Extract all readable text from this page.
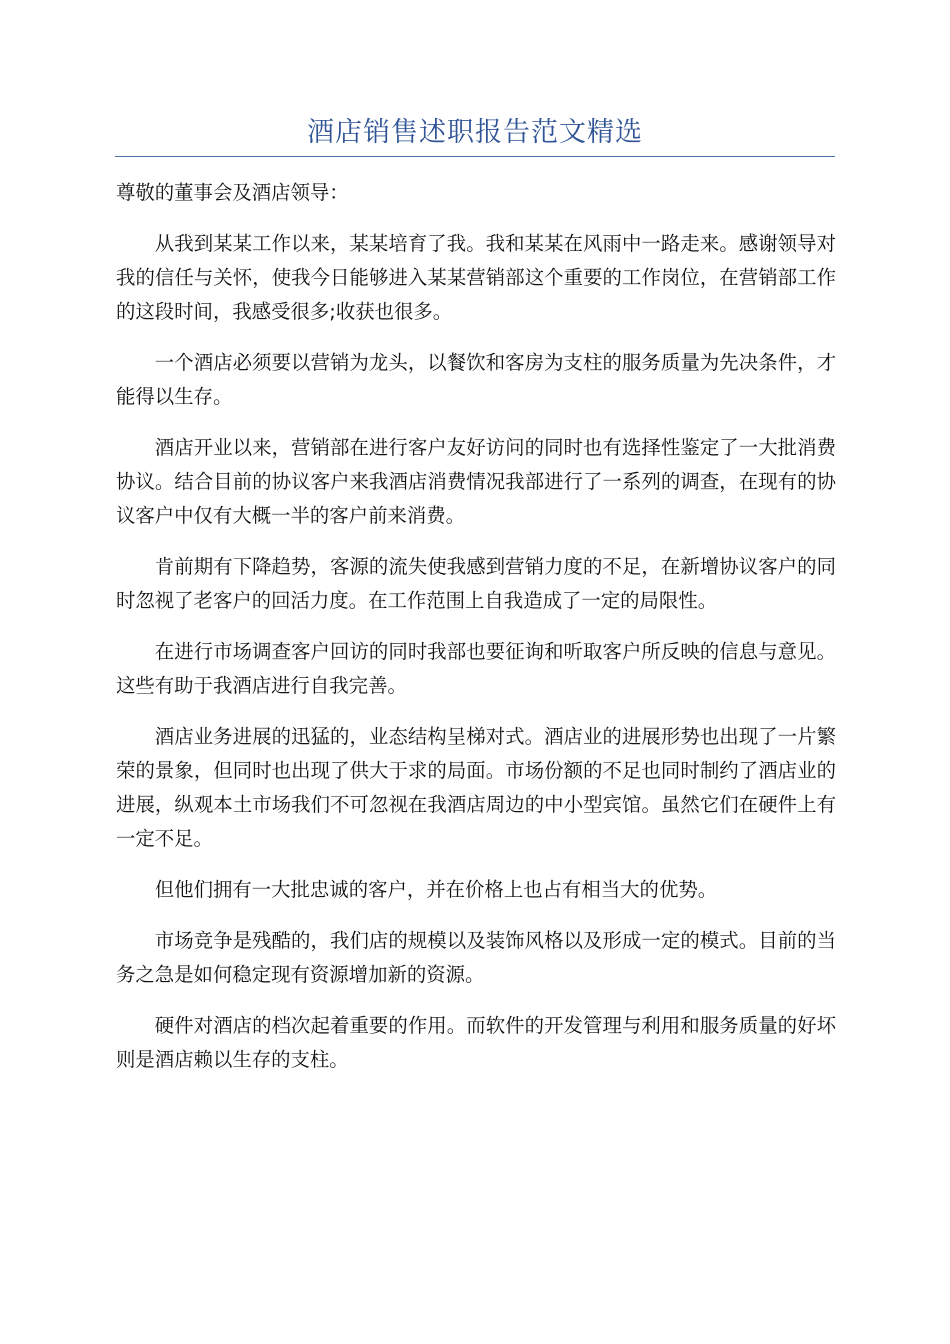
酒店销售述职报告范文精选

尊敬的董事会及酒店领导：

从我到某某工作以来，某某培育了我。我和某某在风雨中一路走来。感谢领导对我的信任与关怀，使我今日能够进入某某营销部这个重要的工作岗位，在营销部工作的这段时间，我感受很多;收获也很多。

一个酒店必须要以营销为龙头，以餐饮和客房为支柱的服务质量为先决条件，才能得以生存。

酒店开业以来，营销部在进行客户友好访问的同时也有选择性鉴定了一大批消费协议。结合目前的协议客户来我酒店消费情况我部进行了一系列的调查，在现有的协议客户中仅有大概一半的客户前来消费。

肯前期有下降趋势，客源的流失使我感到营销力度的不足，在新增协议客户的同时忽视了老客户的回活力度。在工作范围上自我造成了一定的局限性。

在进行市场调查客户回访的同时我部也要征询和听取客户所反映的信息与意见。这些有助于我酒店进行自我完善。

酒店业务进展的迅猛的，业态结构呈梯对式。酒店业的进展形势也出现了一片繁荣的景象，但同时也出现了供大于求的局面。市场份额的不足也同时制约了酒店业的进展，纵观本土市场我们不可忽视在我酒店周边的中小型宾馆。虽然它们在硬件上有一定不足。

但他们拥有一大批忠诚的客户，并在价格上也占有相当大的优势。

市场竞争是残酷的，我们店的规模以及装饰风格以及形成一定的模式。目前的当务之急是如何稳定现有资源增加新的资源。

硬件对酒店的档次起着重要的作用。而软件的开发管理与利用和服务质量的好坏则是酒店赖以生存的支柱。
